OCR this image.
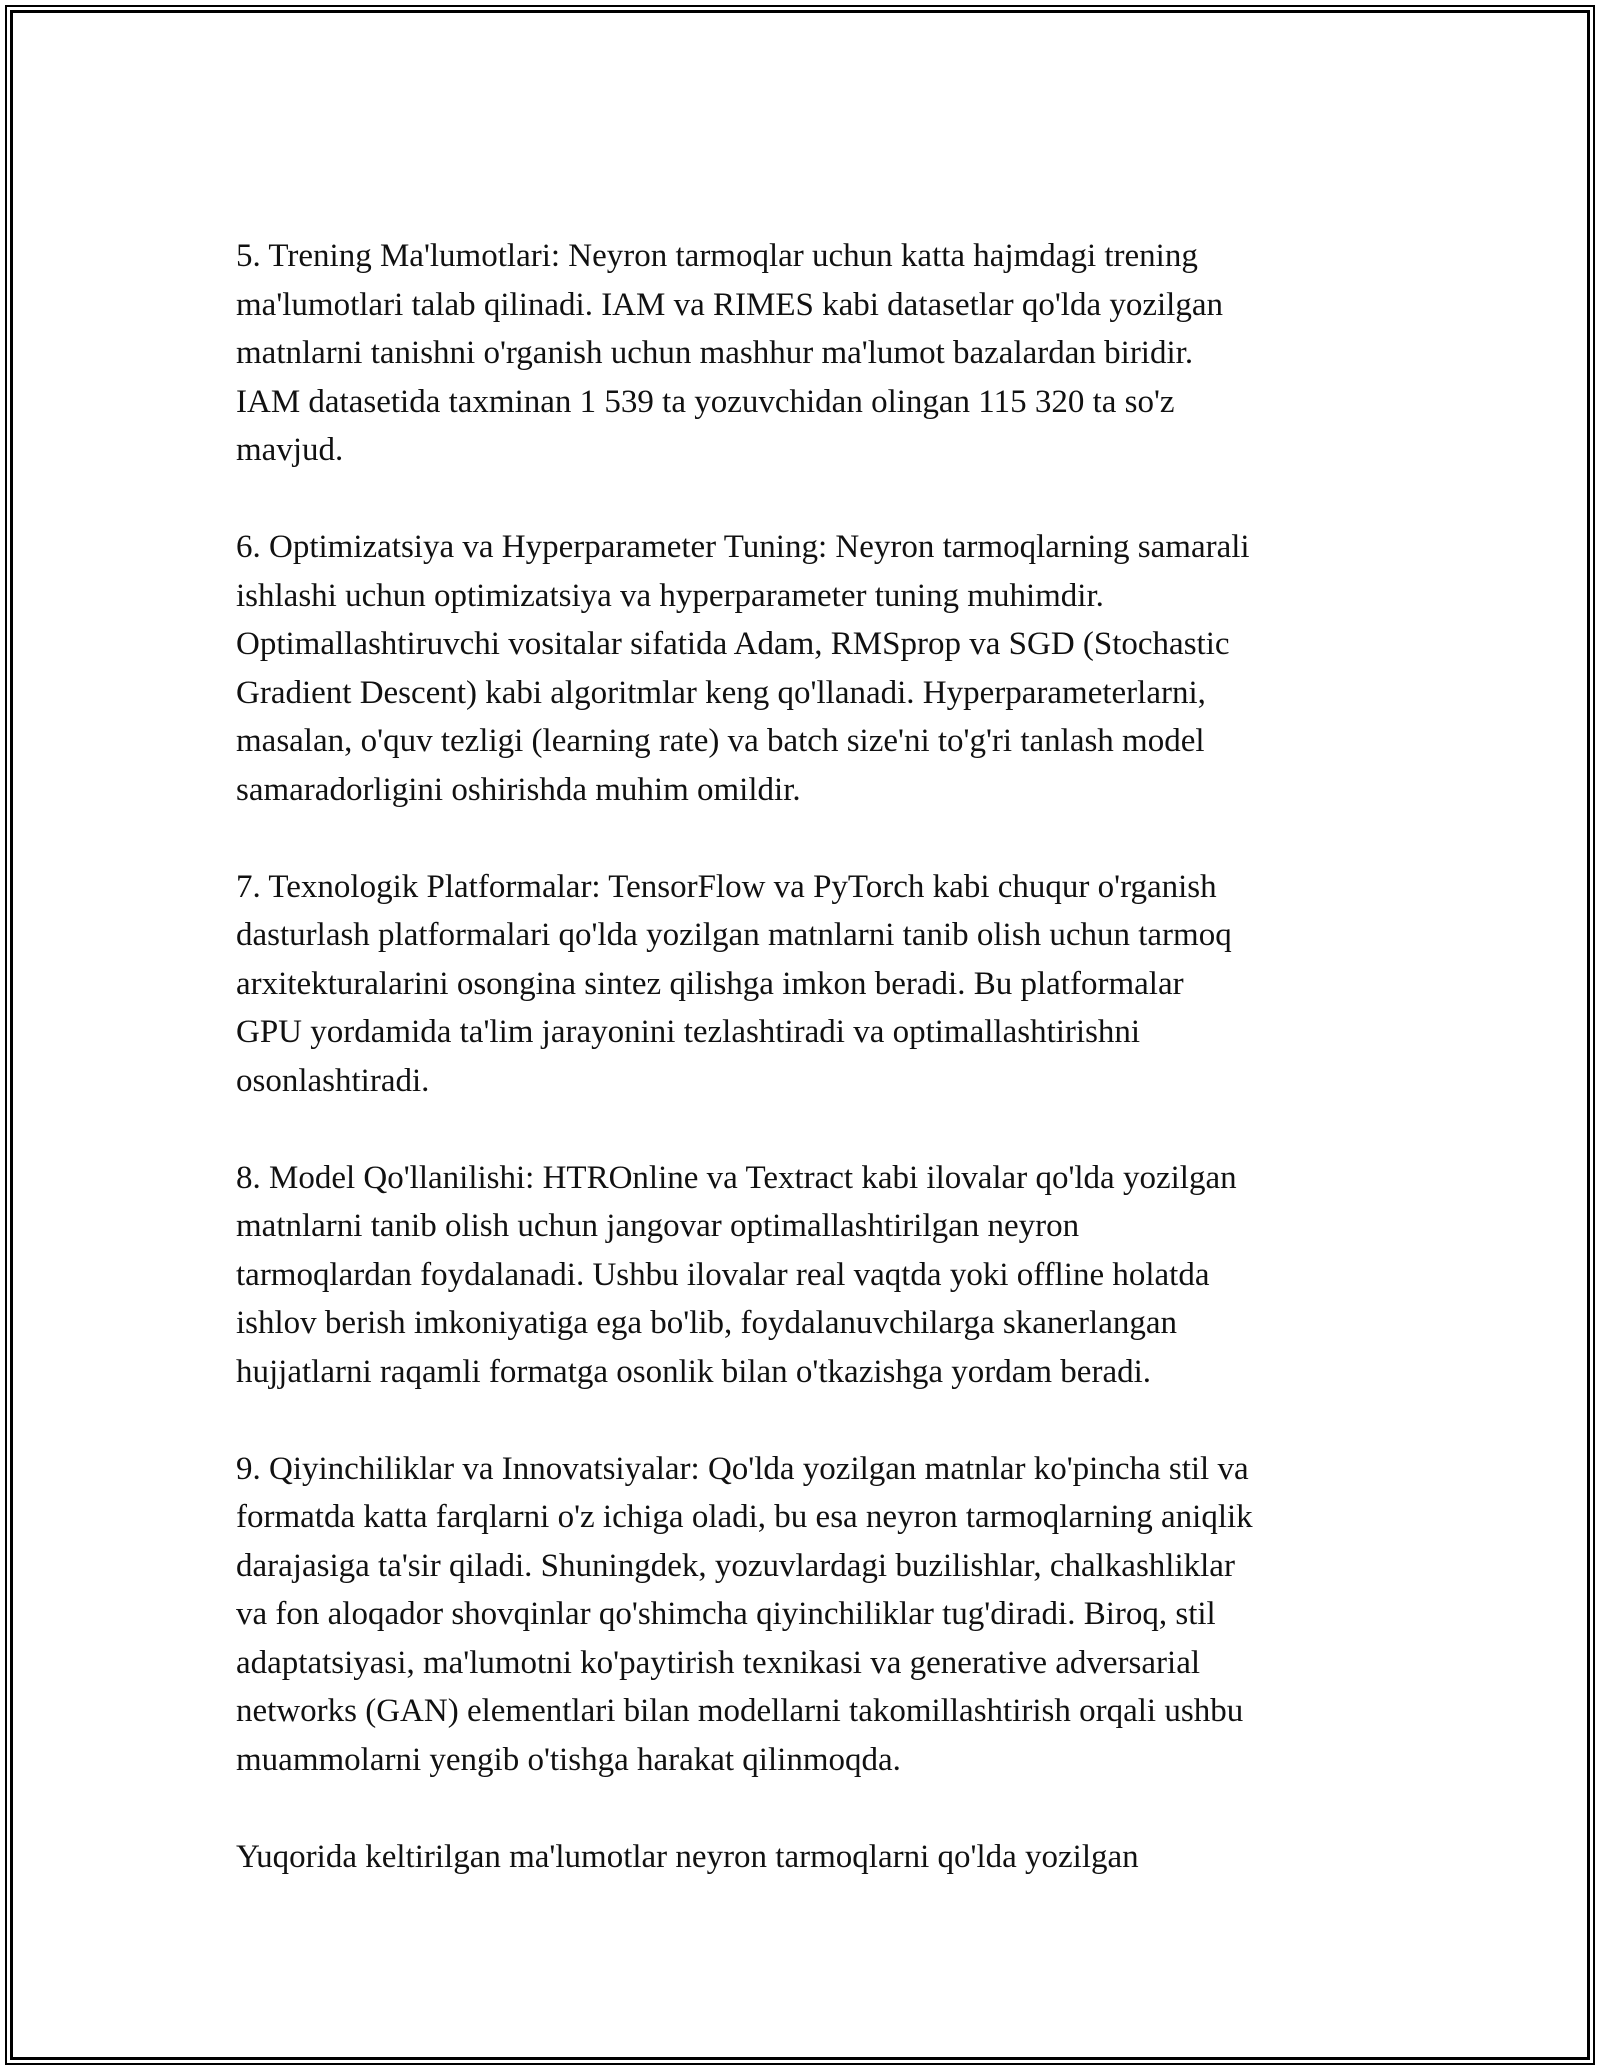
5. Trening Ma'lumotlari: Neyron tarmoqlar uchun katta hajmdagi trening
ma'lumotlari talab qilinadi. IAM va RIMES kabi datasetlar qo'lda yozilgan
matnlarni tanishni o'rganish uchun mashhur ma'lumot bazalardan biridir.
IAM datasetida taxminan 1 539 ta yozuvchidan olingan 115 320 ta so'z
mavjud.

6. Optimizatsiya va Hyperparameter Tuning: Neyron tarmoqlarning samarali
ishlashi uchun optimizatsiya va hyperparameter tuning muhimdir.
Optimallashtiruvchi vositalar sifatida Adam, RMSprop va SGD (Stochastic
Gradient Descent) kabi algoritmlar keng qo'llanadi. Hyperparameterlarni,
masalan, o'quv tezligi (learning rate) va batch size'ni to'g'ri tanlash model
samaradorligini oshirishda muhim omildir.

7. Texnologik Platformalar: TensorFlow va PyTorch kabi chuqur o'rganish
dasturlash platformalari qo'lda yozilgan matnlarni tanib olish uchun tarmoq
arxitekturalarini osongina sintez qilishga imkon beradi. Bu platformalar
GPU yordamida ta'lim jarayonini tezlashtiradi va optimallashtirishni
osonlashtiradi.

8. Model Qo'llanilishi: HTROnline va Textract kabi ilovalar qo'lda yozilgan
matnlarni tanib olish uchun jangovar optimallashtirilgan neyron
tarmoqlardan foydalanadi. Ushbu ilovalar real vaqtda yoki offline holatda
ishlov berish imkoniyatiga ega bo'lib, foydalanuvchilarga skanerlangan
hujjatlarni raqamli formatga osonlik bilan o'tkazishga yordam beradi.

9. Qiyinchiliklar va Innovatsiyalar: Qo'lda yozilgan matnlar ko'pincha stil va
formatda katta farqlarni o'z ichiga oladi, bu esa neyron tarmoqlarning aniqlik
darajasiga ta'sir qiladi. Shuningdek, yozuvlardagi buzilishlar, chalkashliklar
va fon aloqador shovqinlar qo'shimcha qiyinchiliklar tug'diradi. Biroq, stil
adaptatsiyasi, ma'lumotni ko'paytirish texnikasi va generative adversarial
networks (GAN) elementlari bilan modellarni takomillashtirish orqali ushbu
muammolarni yengib o'tishga harakat qilinmoqda.

Yuqorida keltirilgan ma'lumotlar neyron tarmoqlarni qo'lda yozilgan
